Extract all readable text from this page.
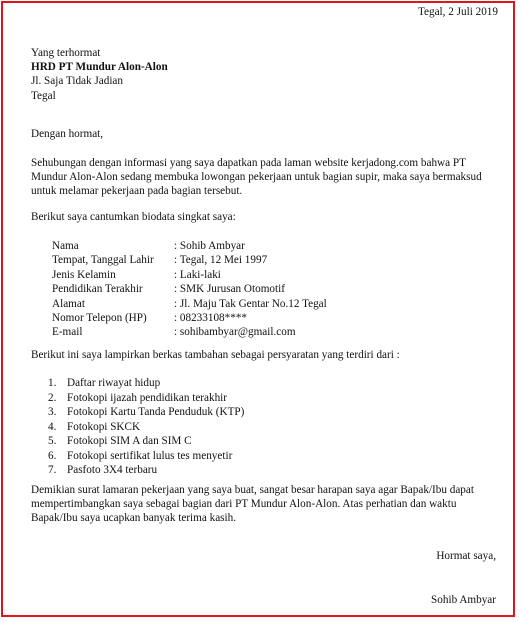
Tegal, 2 Juli 2019
Yang terhormat
HRD PT Mundur Alon-Alon
Jl. Saja Tidak Jadian
Tegal

Dengan hormat,

Sehubungan dengan informasi yang saya dapatkan pada laman website kerjadong.com bahwa PT Mundur Alon-Alon sedang membuka lowongan pekerjaan untuk bagian supir, maka saya bermaksud untuk melamar pekerjaan pada bagian tersebut.

Berikut saya cantumkan biodata singkat saya:

Nama	: Sohib Ambyar
Tempat, Tanggal Lahir	: Tegal, 12 Mei 1997
Jenis Kelamin	: Laki-laki
Pendidikan Terakhir	: SMK Jurusan Otomotif
Alamat	: Jl. Maju Tak Gentar No.12 Tegal
Nomor Telepon (HP)	: 08233108****
E-mail	: sohibambyar@gmail.com

Berikut ini saya lampirkan berkas tambahan sebagai persyaratan yang terdiri dari :

1. Daftar riwayat hidup
2. Fotokopi ijazah pendidikan terakhir
3. Fotokopi Kartu Tanda Penduduk (KTP)
4. Fotokopi SKCK
5. Fotokopi SIM A dan SIM C
6. Fotokopi sertifikat lulus tes menyetir
7. Pasfoto 3X4 terbaru

Demikian surat lamaran pekerjaan yang saya buat, sangat besar harapan saya agar Bapak/Ibu dapat mempertimbangkan saya sebagai bagian dari PT Mundur Alon-Alon. Atas perhatian dan waktu Bapak/Ibu saya ucapkan banyak terima kasih.

Hormat saya,
Sohib Ambyar
